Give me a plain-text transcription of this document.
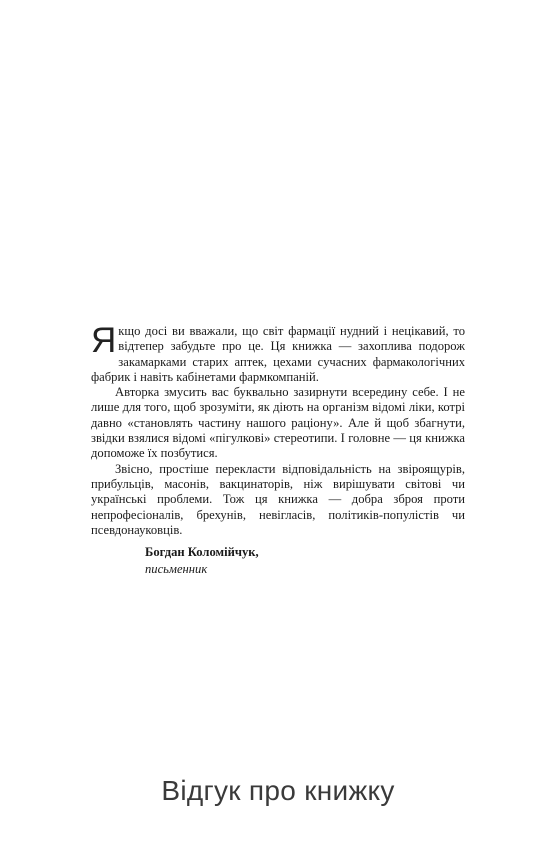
Якщо досі ви вважали, що світ фармації нудний і нецікавий, то відтепер забудьте про це. Ця книжка — захоплива подорож закамарками старих аптек, цехами сучасних фармакологічних фабрик і навіть кабінетами фармкомпаній.

Авторка змусить вас буквально зазирнути всередину себе. І не лише для того, щоб зрозуміти, як діють на організм відомі ліки, котрі давно «становлять частину нашого раціону». Але й щоб збагнути, звідки взялися відомі «пігулкові» стереотипи. І головне — ця книжка допоможе їх позбутися.

Звісно, простіше перекласти відповідальність на звіроящурів, прибульців, масонів, вакцинаторів, ніж вирішувати світові чи українські проблеми. Тож ця книжка — добра зброя проти непрофесіоналів, брехунів, невігласів, політиків-популістів чи псевдонауковців.

Богдан Коломійчук,
письменник
Відгук про книжку
